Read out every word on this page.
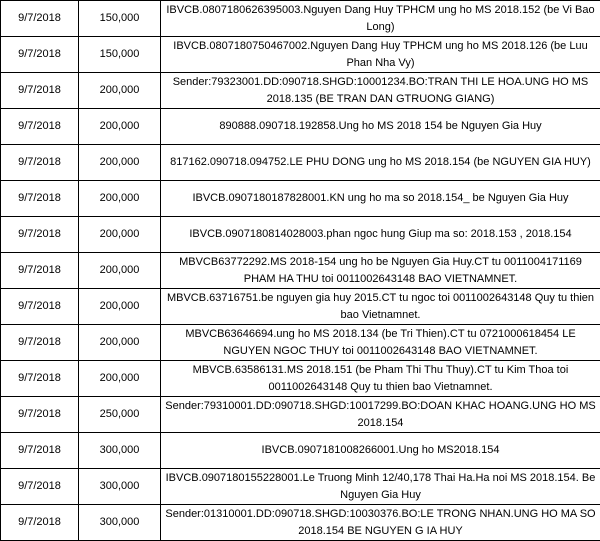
9/7/2018	150,000	IBVCB.0807180626395003.Nguyen Dang Huy TPHCM ung ho MS 2018.152 (be Vi Bao Long)
9/7/2018	150,000	IBVCB.0807180750467002.Nguyen Dang Huy TPHCM ung ho MS 2018.126 (be Luu Phan Nha Vy)
9/7/2018	200,000	Sender:79323001.DD:090718.SHGD:10001234.BO:TRAN THI LE HOA.UNG HO MS 2018.135 (BE TRAN DAN GTRUONG GIANG)
9/7/2018	200,000	890888.090718.192858.Ung ho MS 2018 154 be Nguyen Gia Huy
9/7/2018	200,000	817162.090718.094752.LE PHU DONG ung ho MS 2018.154 (be NGUYEN GIA HUY)
9/7/2018	200,000	IBVCB.0907180187828001.KN ung ho ma so 2018.154_ be Nguyen Gia Huy
9/7/2018	200,000	IBVCB.0907180814028003.phan ngoc hung Giup ma so: 2018.153 , 2018.154
9/7/2018	200,000	MBVCB63772292.MS 2018-154 ung ho be Nguyen Gia Huy.CT tu 0011004171169 PHAM HA THU toi 0011002643148 BAO VIETNAMNET.
9/7/2018	200,000	MBVCB.63716751.be nguyen gia huy 2015.CT tu ngoc toi 0011002643148 Quy tu thien bao Vietnamnet.
9/7/2018	200,000	MBVCB63646694.ung ho MS 2018.134 (be Tri Thien).CT tu 0721000618454 LE NGUYEN NGOC THUY toi 0011002643148 BAO VIETNAMNET.
9/7/2018	200,000	MBVCB.63586131.MS 2018.151 (be Pham Thi Thu Thuy).CT tu Kim Thoa toi 0011002643148 Quy tu thien bao Vietnamnet.
9/7/2018	250,000	Sender:79310001.DD:090718.SHGD:10017299.BO:DOAN KHAC HOANG.UNG HO MS 2018.154
9/7/2018	300,000	IBVCB.0907181008266001.Ung ho MS2018.154
9/7/2018	300,000	IBVCB.0907180155228001.Le Truong Minh 12/40,178 Thai Ha.Ha noi MS 2018.154. Be Nguyen Gia Huy
9/7/2018	300,000	Sender:01310001.DD:090718.SHGD:10030376.BO:LE TRONG NHAN.UNG HO MA SO 2018.154 BE NGUYEN G IA HUY
